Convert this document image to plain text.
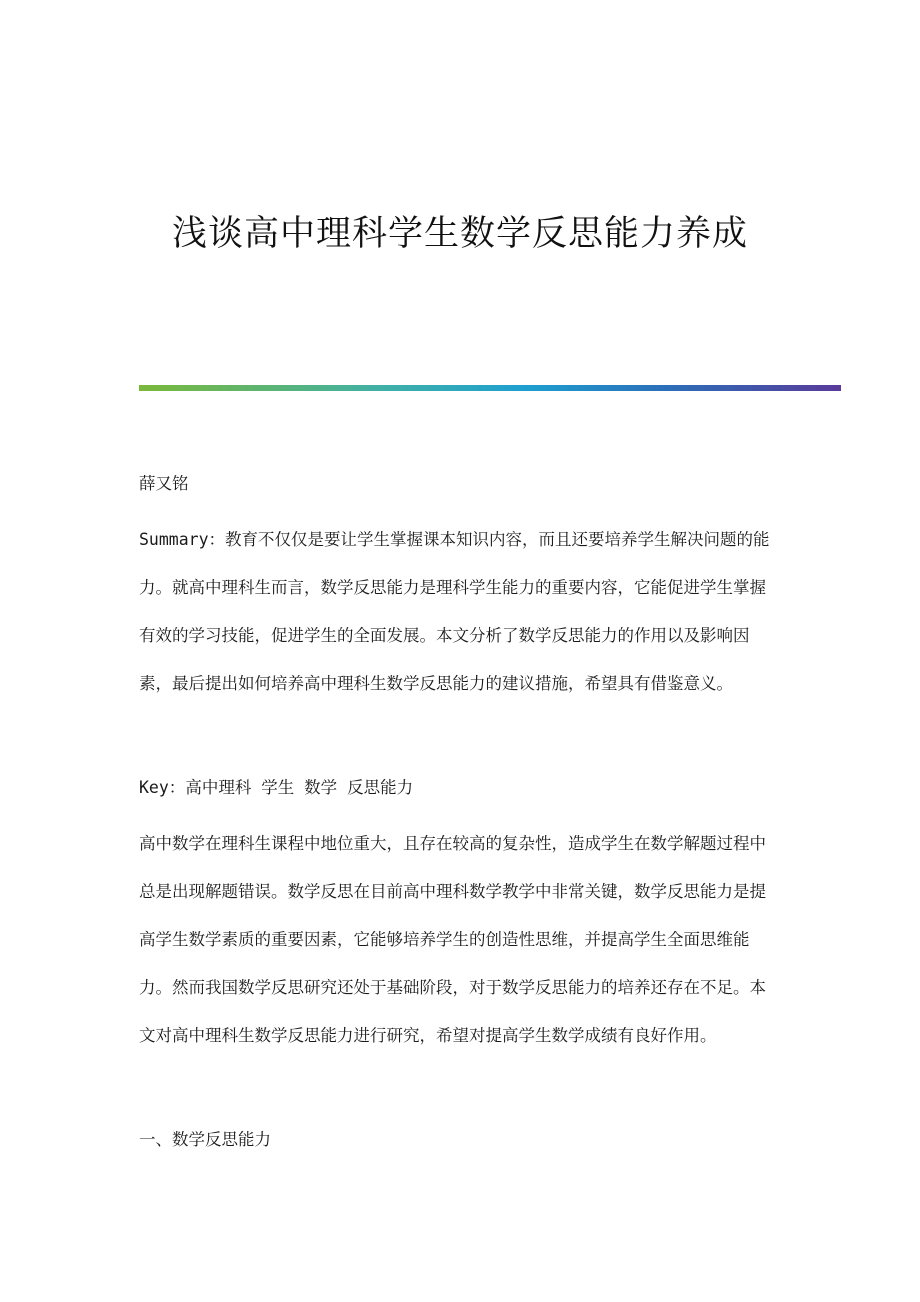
浅谈高中理科学生数学反思能力养成
薛又铭

Summary：教育不仅仅是要让学生掌握课本知识内容，而且还要培养学生解决问题的能力。就高中理科生而言，数学反思能力是理科学生能力的重要内容，它能促进学生掌握有效的学习技能，促进学生的全面发展。本文分析了数学反思能力的作用以及影响因素，最后提出如何培养高中理科生数学反思能力的建议措施，希望具有借鉴意义。

Key：高中理科 学生 数学 反思能力

高中数学在理科生课程中地位重大，且存在较高的复杂性，造成学生在数学解题过程中总是出现解题错误。数学反思在目前高中理科数学教学中非常关键，数学反思能力是提高学生数学素质的重要因素，它能够培养学生的创造性思维，并提高学生全面思维能力。然而我国数学反思研究还处于基础阶段，对于数学反思能力的培养还存在不足。本文对高中理科生数学反思能力进行研究，希望对提高学生数学成绩有良好作用。

一、数学反思能力
